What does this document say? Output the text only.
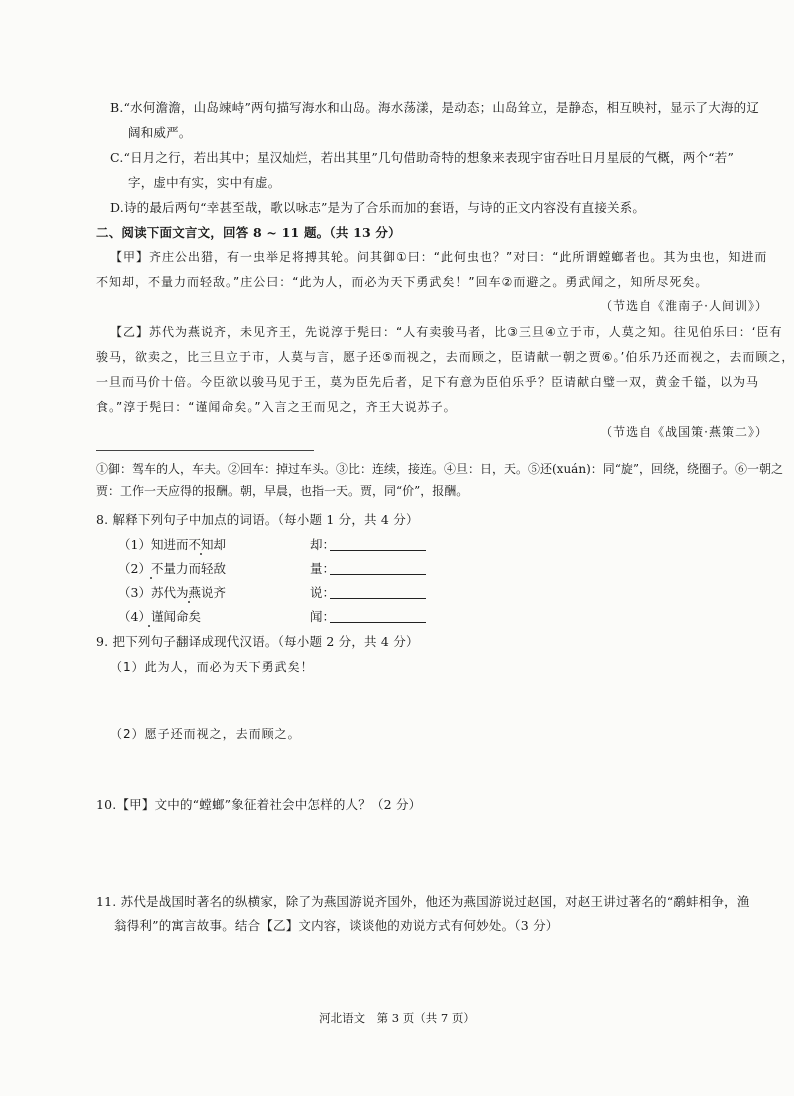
B.“水何澹澹，山岛竦峙”两句描写海水和山岛。海水荡漾，是动态；山岛耸立，是静态，相互映衬，显示了大海的辽
阔和威严。
C.“日月之行，若出其中；星汉灿烂，若出其里”几句借助奇特的想象来表现宇宙吞吐日月星辰的气概，两个“若”
字，虚中有实，实中有虚。
D.诗的最后两句“幸甚至哉，歌以咏志”是为了合乐而加的套语，与诗的正文内容没有直接关系。
二、阅读下面文言文，回答 8 ~ 11 题。（共 13 分）
【甲】齐庄公出猎，有一虫举足将搏其轮。问其御①曰：“此何虫也？”对曰：“此所谓螳螂者也。其为虫也，知进而
不知却，不量力而轻敌。”庄公曰：“此为人，而必为天下勇武矣！”回车②而避之。勇武闻之，知所尽死矣。
（节选自《淮南子·人间训》）
【乙】苏代为燕说齐，未见齐王，先说淳于髡曰：“人有卖骏马者，比③三旦④立于市，人莫之知。往见伯乐曰：‘臣有
骏马，欲卖之，比三旦立于市，人莫与言，愿子还⑤而视之，去而顾之，臣请献一朝之贾⑥。’伯乐乃还而视之，去而顾之，
一旦而马价十倍。今臣欲以骏马见于王，莫为臣先后者，足下有意为臣伯乐乎？臣请献白璧一双，黄金千镒，以为马
食。”淳于髡曰：“谨闻命矣。”入言之王而见之，齐王大说苏子。
（节选自《战国策·燕策二》）
①御：驾车的人，车夫。②回车：掉过车头。③比：连续，接连。④旦：日，天。⑤还(xuán)：同“旋”，回绕，绕圈子。⑥一朝之贾：工作一天应得的报酬。朝，早晨，也指一天。贾，同“价”，报酬。
8. 解释下列句子中加点的词语。（每小题 1 分，共 4 分）
（1）知进而不知却	却：
（2）不量力而轻敌	量：
（3）苏代为燕说齐	说：
（4）谨闻命矣	闻：
9. 把下列句子翻译成现代汉语。（每小题 2 分，共 4 分）
（1）此为人，而必为天下勇武矣！
（2）愿子还而视之，去而顾之。
10.【甲】文中的“螳螂”象征着社会中怎样的人？（2 分）
11. 苏代是战国时著名的纵横家，除了为燕国游说齐国外，他还为燕国游说过赵国，对赵王讲过著名的“鹬蚌相争，渔
翁得利”的寓言故事。结合【乙】文内容，谈谈他的劝说方式有何妙处。（3 分）
河北语文　第 3 页（共 7 页）
